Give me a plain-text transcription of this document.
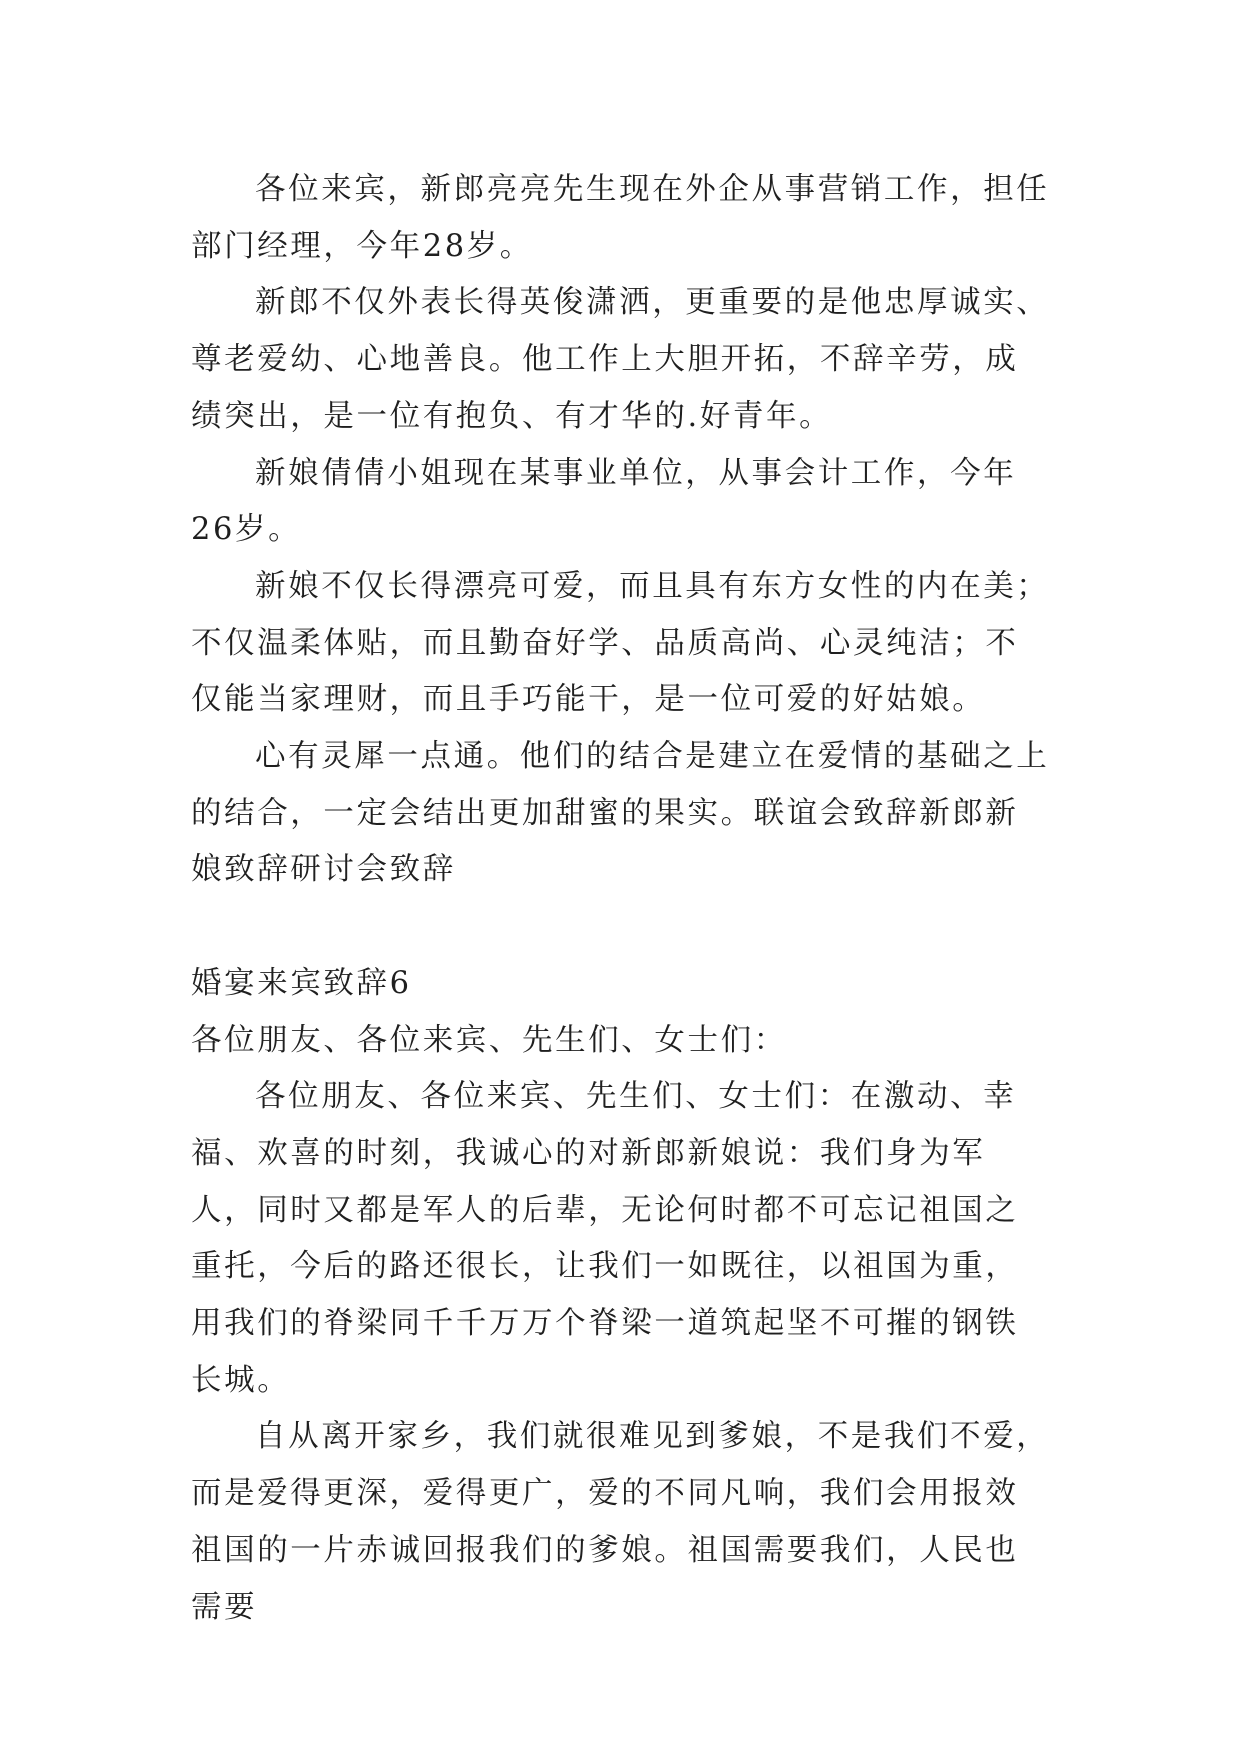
各位来宾，新郎亮亮先生现在外企从事营销工作，担任部门经理，今年28岁。

新郎不仅外表长得英俊潇洒，更重要的是他忠厚诚实、尊老爱幼、心地善良。他工作上大胆开拓，不辞辛劳，成绩突出，是一位有抱负、有才华的.好青年。

新娘倩倩小姐现在某事业单位，从事会计工作，今年26岁。

新娘不仅长得漂亮可爱，而且具有东方女性的内在美；不仅温柔体贴，而且勤奋好学、品质高尚、心灵纯洁；不仅能当家理财，而且手巧能干，是一位可爱的好姑娘。

心有灵犀一点通。他们的结合是建立在爱情的基础之上的结合，一定会结出更加甜蜜的果实。联谊会致辞新郎新娘致辞研讨会致辞

婚宴来宾致辞6

各位朋友、各位来宾、先生们、女士们：

各位朋友、各位来宾、先生们、女士们：在激动、幸福、欢喜的时刻，我诚心的对新郎新娘说：我们身为军人，同时又都是军人的后辈，无论何时都不可忘记祖国之重托，今后的路还很长，让我们一如既往，以祖国为重，用我们的脊梁同千千万万个脊梁一道筑起坚不可摧的钢铁长城。

自从离开家乡，我们就很难见到爹娘，不是我们不爱，而是爱得更深，爱得更广，爱的不同凡响，我们会用报效祖国的一片赤诚回报我们的爹娘。祖国需要我们，人民也需要
